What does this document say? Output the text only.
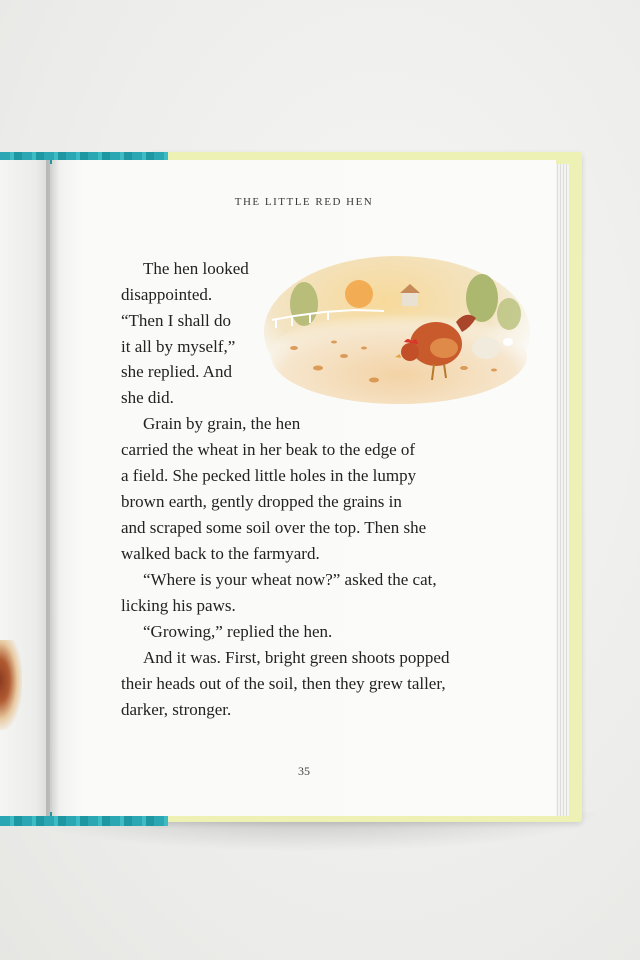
THE LITTLE RED HEN
The hen looked
disappointed.
“Then I shall do
it all by myself,”
she replied. And
she did.
Grain by grain, the hen
carried the wheat in her beak to the edge of
a field. She pecked little holes in the lumpy
brown earth, gently dropped the grains in
and scraped some soil over the top. Then she
walked back to the farmyard.
“Where is your wheat now?” asked the cat,
licking his paws.
“Growing,” replied the hen.
And it was. First, bright green shoots popped
their heads out of the soil, then they grew taller,
darker, stronger.
35
